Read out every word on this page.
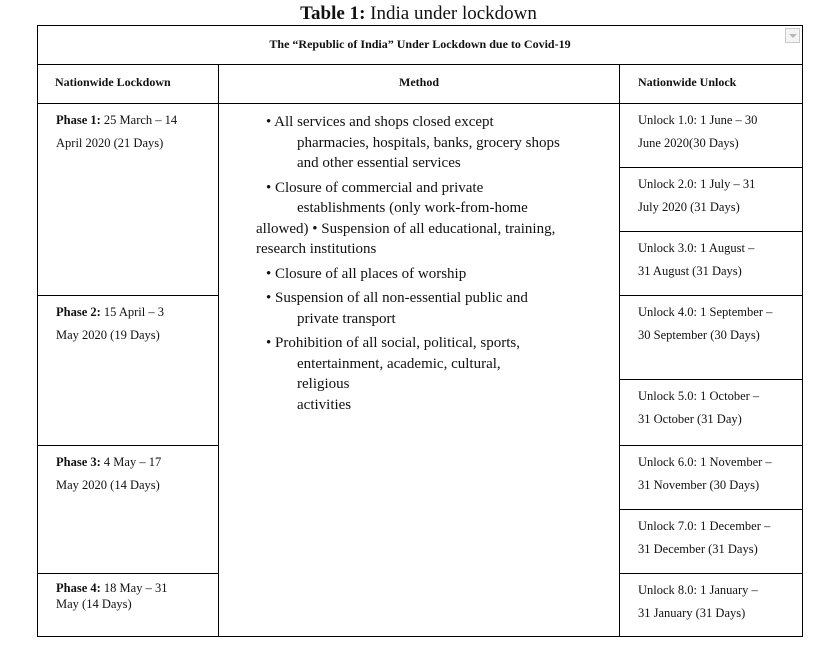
Table 1: India under lockdown
The “Republic of India” Under Lockdown due to Covid-19
Nationwide Lockdown	Method	Nationwide Unlock
Phase 1: 25 March – 14
April 2020 (21 Days)
Phase 2: 15 April – 3
May 2020 (19 Days)
Phase 3: 4 May – 17
May 2020 (14 Days)
Phase 4: 18 May – 31
May (14 Days)

• All services and shops closed except

pharmacies, hospitals, banks, grocery shops

and other essential services

• Closure of commercial and private

establishments (only work-from-home

allowed) • Suspension of all educational, training,

research institutions

• Closure of all places of worship

• Suspension of all non-essential public and

private transport

• Prohibition of all social, political, sports,

entertainment, academic, cultural,

religious

activities

Unlock 1.0: 1 June – 30
June 2020(30 Days)
Unlock 2.0: 1 July – 31
July 2020 (31 Days)
Unlock 3.0: 1 August –
31 August (31 Days)
Unlock 4.0: 1 September –
30 September (30 Days)
Unlock 5.0: 1 October –
31 October (31 Day)
Unlock 6.0: 1 November –
31 November (30 Days)
Unlock 7.0: 1 December –
31 December (31 Days)
Unlock 8.0: 1 January –
31 January (31 Days)
